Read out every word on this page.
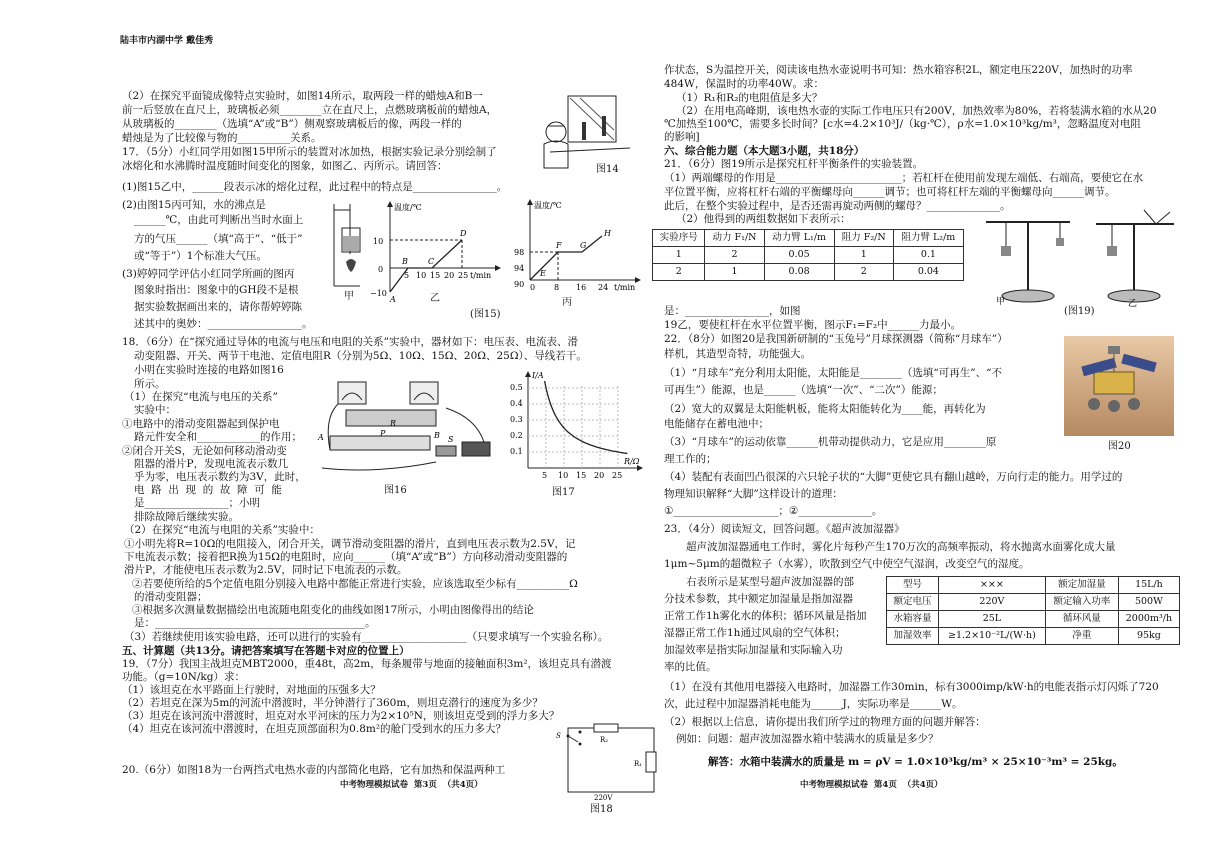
陆丰市内湖中学 戴佳秀
（2）在探究平面镜成像特点实验时，如图14所示，取两段一样的蜡烛A和B一
前一后竖放在直尺上，玻璃板必须________立在直尺上，点燃玻璃板前的蜡烛A，
从玻璃板的________（选填“A”或“B”）侧观察玻璃板后的像，两段一样的
蜡烛是为了比较像与物的__________关系。
图14
17．（5分）小红同学用如图15甲所示的装置对冰加热，根据实验记录分别绘制了
冰熔化和水沸腾时温度随时间变化的图象，如图乙、丙所示。请回答：
(1)图15乙中，______段表示冰的熔化过程，此过程中的特点是________________。
(2)由图15丙可知，水的沸点是
______℃，由此可判断出当时水面上
方的气压______（填“高于”、“低于”
或“等于”）1个标准大气压。
(3)婷婷同学评估小红同学所画的图丙
图象时指出：图象中的GH段不是根
据实验数据画出来的，请你帮婷婷陈
述其中的奥妙：__________________。
甲
10
0
−10
5 10 15 20 25 t/min
温度/℃
A
B	C
D
乙
98
94
90 0 8 16 24 t/min
温度/℃
E
F G
H
丙
(图15)
18．（6分）在“探究通过导体的电流与电压和电阻的关系”实验中，器材如下：电压表、电流表、滑
动变阻器、开关、两节干电池、定值电阻R（分别为5Ω、10Ω、15Ω、20Ω、25Ω）、导线若干。
小明在实验时连接的电路如图16
所示。
（1）在探究“电流与电压的关系”
实验中：
①电路中的滑动变阻器起到保护电
路元件安全和____________的作用；
②闭合开关S，无论如何移动滑动变
阻器的滑片P，发现电流表示数几
乎为零，电压表示数约为3V，此时，
电  路  出  现  的  故  障  可  能
是________________；小明
排除故障后继续实验。
（2）在探究“电流与电阻的关系”实验中：
①小明先将R=10Ω的电阻接入，闭合开关，调节滑动变阻器的滑片，直到电压表示数为2.5V，记
下电流表示数；接着把R换为15Ω的电阻时，应向______（填“A”或“B”）方向移动滑动变阻器的
滑片P，才能使电压表示数为2.5V，同时记下电流表的示数。
②若要使所给的5个定值电阻分别接入电路中都能正常进行实验，应该选取至少标有__________Ω
的滑动变阻器；
③根据多次测量数据描绘出电流随电阻变化的曲线如图17所示，小明由图像得出的结论
是：________________________________________。
（3）若继续使用该实验电路，还可以进行的实验有____________________（只要求填写一个实验名称）。
A	B
P
S
R
图16
I/A
R/Ω
0.5
0.4
0.3
0.2
0.1
5 10 15 20 25
图17
五、计算题（共13分。请把答案填写在答题卡对应的位置上）
19．（7分）我国主战坦克MBT2000，重48t，高2m，每条履带与地面的接触面积3m²，该坦克具有潜渡
功能。（g=10N/kg）求：
（1）该坦克在水平路面上行驶时，对地面的压强多大？
（2）若坦克在深为5m的河流中潜渡时，半分钟潜行了360m，则坦克潜行的速度为多少？
（3）坦克在该河流中潜渡时，坦克对水平河床的压力为2×10⁵N，则该坦克受到的浮力多大？
（4）坦克在该河流中潜渡时，在坦克顶部面积为0.8m²的舱门受到水的压力多大？
20.（6分）如图18为一台两挡式电热水壶的内部简化电路，它有加热和保温两种工
S	R₂
R₁
220V
图18
中考物理模拟试卷  第3页  （共4页）
作状态，S为温控开关，阅读该电热水壶说明书可知：热水箱容积2L，额定电压220V，加热时的功率
484W，保温时的功率40W。求：
（1）R₁和R₂的电阻值是多大？
（2）在用电高峰期，该电热水壶的实际工作电压只有200V，加热效率为80%，若将装满水箱的水从20
℃加热至100℃，需要多长时间？[c水=4.2×10³J/（kg·℃），ρ水=1.0×10³kg/m³，忽略温度对电阻
的影响]
六、综合能力题（本大题3小题，共18分）
21．（6分）图19所示是探究杠杆平衡条件的实验装置。
（1）两端螺母的作用是________________________；若杠杆在使用前发现左端低、右端高，要使它在水
平位置平衡，应将杠杆右端的平衡螺母向______调节；也可将杠杆左端的平衡螺母向______调节。
此后，在整个实验过程中，是否还需再旋动两侧的螺母？______________。
（2）他得到的两组数据如下表所示：
实验序号	动力 F₁/N	动力臂 L₁/m	阻力 F₂/N	阻力臂 L₂/m
1	2	0.05	1	0.1
2	1	0.08	2	0.04
是：________________，如图
19乙，要使杠杆在水平位置平衡，图示F₁=F₂中______力最小。
甲	乙
(图19)
22．（8分）如图20是我国新研制的“玉兔号”月球探测器（简称“月球车”）
样机，其造型奇特，功能强大。
（1）“月球车”充分利用太阳能，太阳能是________（选填“可再生”、“不
可再生”）能源，也是______（选填“一次”、“二次”）能源；
（2）宽大的双翼是太阳能帆板，能将太阳能转化为____能，再转化为
电能储存在蓄电池中；
（3）“月球车”的运动依靠______机带动提供动力，它是应用________原
理工作的；
（4）装配有表面凹凸很深的六只轮子状的“大脚”更使它具有翻山越岭，万向行走的能力。用学过的
物理知识解释“大脚”这样设计的道理：
①____________________；②______________。
图20
23．（4分）阅读短文，回答问题。《超声波加湿器》
超声波加湿器通电工作时，雾化片每秒产生170万次的高频率振动，将水抛离水面雾化成大量
1μm~5μm的超微粒子（水雾），吹散到空气中使空气湿润，改变空气的湿度。
右表所示是某型号超声波加湿器的部
分技术参数，其中额定加湿量是指加湿器
正常工作1h雾化水的体积；循环风量是指加
湿器正常工作1h通过风扇的空气体积；
加湿效率是指实际加湿量和实际输入功
率的比值。
（1）在没有其他用电器接入电路时，加湿器工作30min，标有3000imp/kW·h的电能表指示灯闪烁了720
次，此过程中加湿器消耗电能为______J，实际功率是______W。
（2）根据以上信息，请你提出我们所学过的物理方面的问题并解答：
例如：问题：超声波加湿器水箱中装满水的质量是多少？
解答：水箱中装满水的质量是 m = ρV = 1.0×10³kg/m³ × 25×10⁻³m³ = 25kg。
型号	×××	额定加湿量	15L/h
额定电压	220V	额定输入功率	500W
水箱容量	25L	循环风量	2000m³/h
加湿效率	≥1.2×10⁻²L/(W·h)	净重	95kg
中考物理模拟试卷  第4页  （共4页）
